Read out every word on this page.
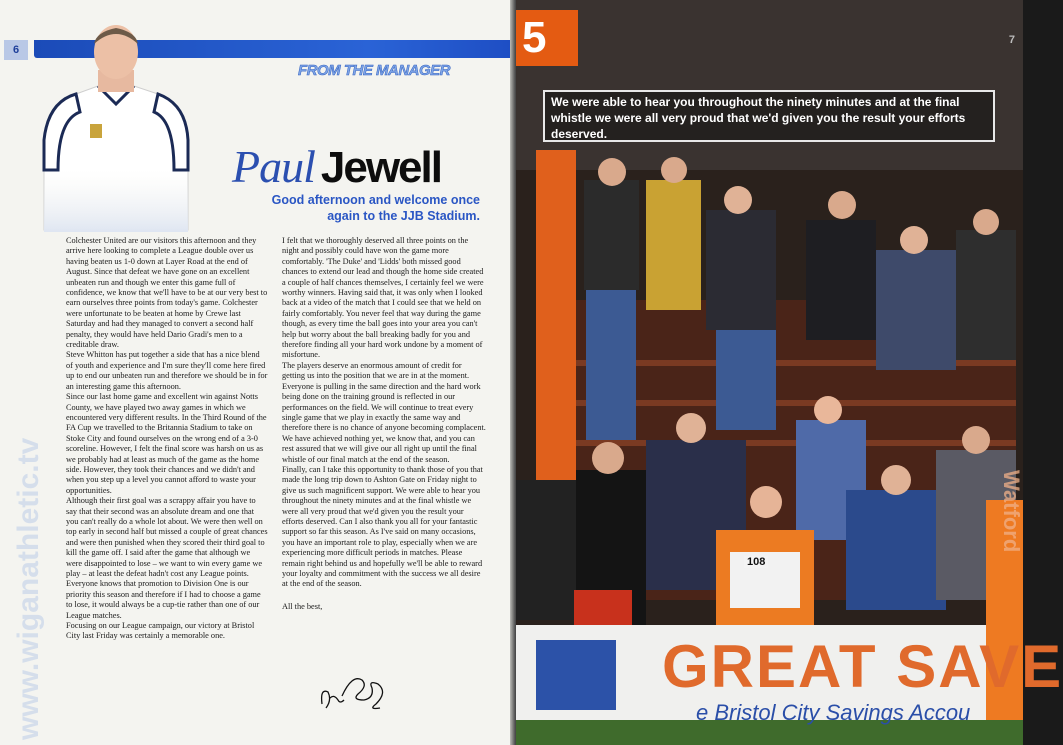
6
FROM THE MANAGER
Paul Jewell
Good afternoon and welcome once again to the JJB Stadium.

Colchester United are our visitors this afternoon and they arrive here looking to complete a League double over us having beaten us 1-0 down at Layer Road at the end of August. Since that defeat we have gone on an excellent unbeaten run and though we enter this game full of confidence, we know that we'll have to be at our very best to earn ourselves three points from today's game. Colchester were unfortunate to be beaten at home by Crewe last Saturday and had they managed to convert a second half penalty, they would have held Dario Gradi's men to a creditable draw.

Steve Whitton has put together a side that has a nice blend of youth and experience and I'm sure they'll come here fired up to end our unbeaten run and therefore we should be in for an interesting game this afternoon.

Since our last home game and excellent win against Notts County, we have played two away games in which we encountered very different results. In the Third Round of the FA Cup we travelled to the Britannia Stadium to take on Stoke City and found ourselves on the wrong end of a 3-0 scoreline. However, I felt the final score was harsh on us as we probably had at least as much of the game as the home side. However, they took their chances and we didn't and when you step up a level you cannot afford to waste your opportunities.

Although their first goal was a scrappy affair you have to say that their second was an absolute dream and one that you can't really do a whole lot about. We were then well on top early in second half but missed a couple of great chances and were then punished when they scored their third goal to kill the game off. I said after the game that although we were disappointed to lose – we want to win every game we play – at least the defeat hadn't cost any League points. Everyone knows that promotion to Division One is our priority this season and therefore if I had to choose a game to lose, it would always be a cup-tie rather than one of our League matches.

Focusing on our League campaign, our victory at Bristol City last Friday was certainly a memorable one.

I felt that we thoroughly deserved all three points on the night and possibly could have won the game more comfortably. 'The Duke' and 'Lidds' both missed good chances to extend our lead and though the home side created a couple of half chances themselves, I certainly feel we were worthy winners. Having said that, it was only when I looked back at a video of the match that I could see that we held on fairly comfortably. You never feel that way during the game though, as every time the ball goes into your area you can't help but worry about the ball breaking badly for you and therefore finding all your hard work undone by a moment of misfortune.

The players deserve an enormous amount of credit for getting us into the position that we are in at the moment. Everyone is pulling in the same direction and the hard work being done on the training ground is reflected in our performances on the field. We will continue to treat every single game that we play in exactly the same way and therefore there is no chance of anyone becoming complacent. We have achieved nothing yet, we know that, and you can rest assured that we will give our all right up until the final whistle of our final match at the end of the season.

Finally, can I take this opportunity to thank those of you that made the long trip down to Ashton Gate on Friday night to give us such magnificent support. We were able to hear you throughout the ninety minutes and at the final whistle we were all very proud that we'd given you the result your efforts deserved. Can I also thank you all for your fantastic support so far this season. As I've said on many occasions, you have an important role to play, especially when we are experiencing more difficult periods in matches. Please remain right behind us and hopefully we'll be able to reward your loyalty and commitment with the success we all desire at the end of the season.

All the best,

www.wiganathletic.tv	GREAT SAVE
e Bristol City Savings Accou
108
5	7
We were able to hear you throughout the ninety minutes and at the final whistle we were all very proud that we'd given you the result your efforts deserved.
Watford
